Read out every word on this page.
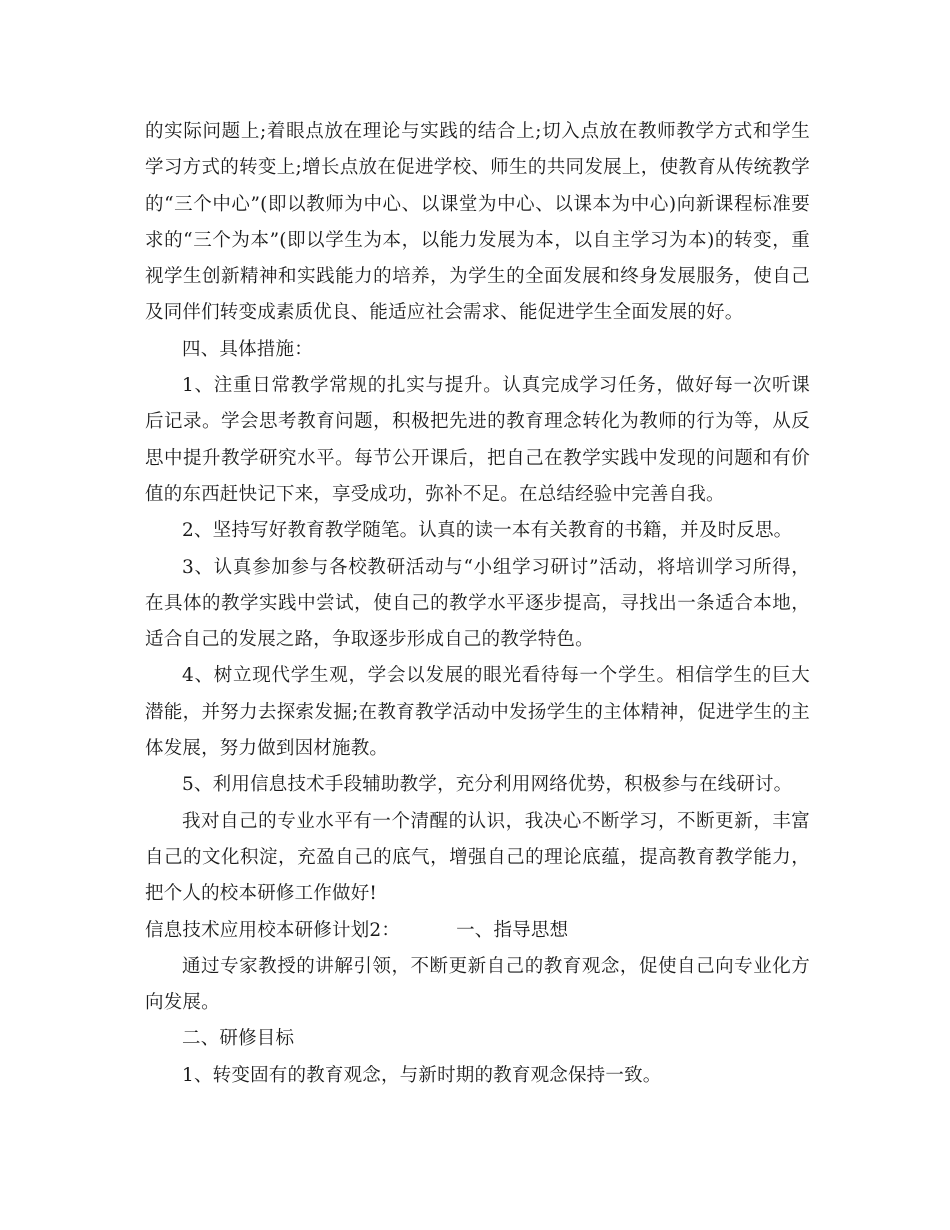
的实际问题上;着眼点放在理论与实践的结合上;切入点放在教师教学方式和学生学习方式的转变上;增长点放在促进学校、师生的共同发展上，使教育从传统教学的“三个中心”(即以教师为中心、以课堂为中心、以课本为中心)向新课程标准要求的“三个为本”(即以学生为本，以能力发展为本，以自主学习为本)的转变，重视学生创新精神和实践能力的培养，为学生的全面发展和终身发展服务，使自己及同伴们转变成素质优良、能适应社会需求、能促进学生全面发展的好。

四、具体措施：

1、注重日常教学常规的扎实与提升。认真完成学习任务，做好每一次听课后记录。学会思考教育问题，积极把先进的教育理念转化为教师的行为等，从反思中提升教学研究水平。每节公开课后，把自己在教学实践中发现的问题和有价值的东西赶快记下来，享受成功，弥补不足。在总结经验中完善自我。

2、坚持写好教育教学随笔。认真的读一本有关教育的书籍，并及时反思。

3、认真参加参与各校教研活动与“小组学习研讨”活动，将培训学习所得，在具体的教学实践中尝试，使自己的教学水平逐步提高，寻找出一条适合本地，适合自己的发展之路，争取逐步形成自己的教学特色。

4、树立现代学生观，学会以发展的眼光看待每一个学生。相信学生的巨大潜能，并努力去探索发掘;在教育教学活动中发扬学生的主体精神，促进学生的主体发展，努力做到因材施教。

5、利用信息技术手段辅助教学，充分利用网络优势，积极参与在线研讨。

我对自己的专业水平有一个清醒的认识，我决心不断学习，不断更新，丰富自己的文化积淀，充盈自己的底气，增强自己的理论底蕴，提高教育教学能力，把个人的校本研修工作做好!

信息技术应用校本研修计划2：	一、指导思想

通过专家教授的讲解引领，不断更新自己的教育观念，促使自己向专业化方向发展。

二、研修目标

1、转变固有的教育观念，与新时期的教育观念保持一致。
